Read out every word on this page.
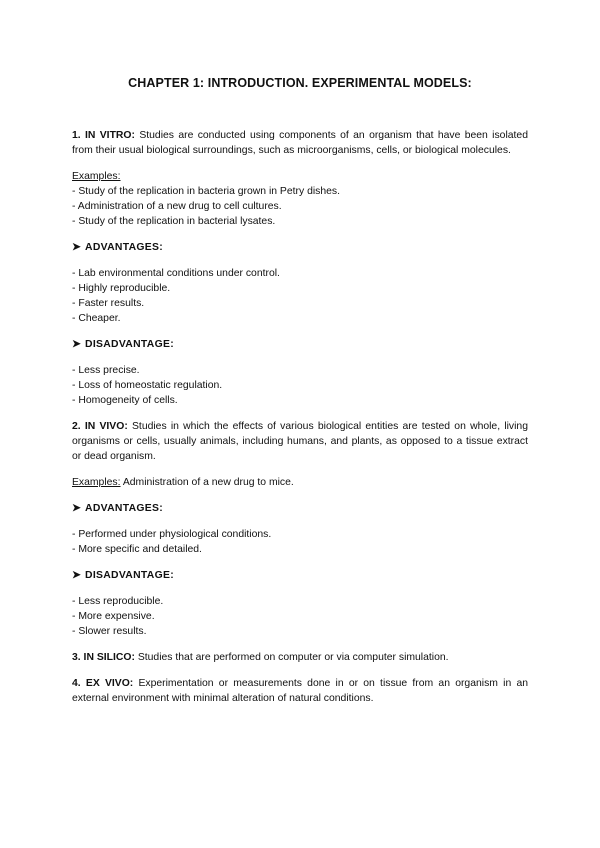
CHAPTER 1: INTRODUCTION. EXPERIMENTAL MODELS:

1. IN VITRO: Studies are conducted using components of an organism that have been isolated from their usual biological surroundings, such as microorganisms, cells, or biological molecules.

Examples:
- Study of the replication in bacteria grown in Petry dishes.
- Administration of a new drug to cell cultures.
- Study of the replication in bacterial lysates.
➤ ADVANTAGES:
- Lab environmental conditions under control.
- Highly reproducible.
- Faster results.
- Cheaper.
➤ DISADVANTAGE:
- Less precise.
- Loss of homeostatic regulation.
- Homogeneity of cells.

2. IN VIVO: Studies in which the effects of various biological entities are tested on whole, living organisms or cells, usually animals, including humans, and plants, as opposed to a tissue extract or dead organism.

Examples: Administration of a new drug to mice.
➤ ADVANTAGES:
- Performed under physiological conditions.
- More specific and detailed.
➤ DISADVANTAGE:
- Less reproducible.
- More expensive.
- Slower results.

3. IN SILICO: Studies that are performed on computer or via computer simulation.

4. EX VIVO: Experimentation or measurements done in or on tissue from an organism in an external environment with minimal alteration of natural conditions.
